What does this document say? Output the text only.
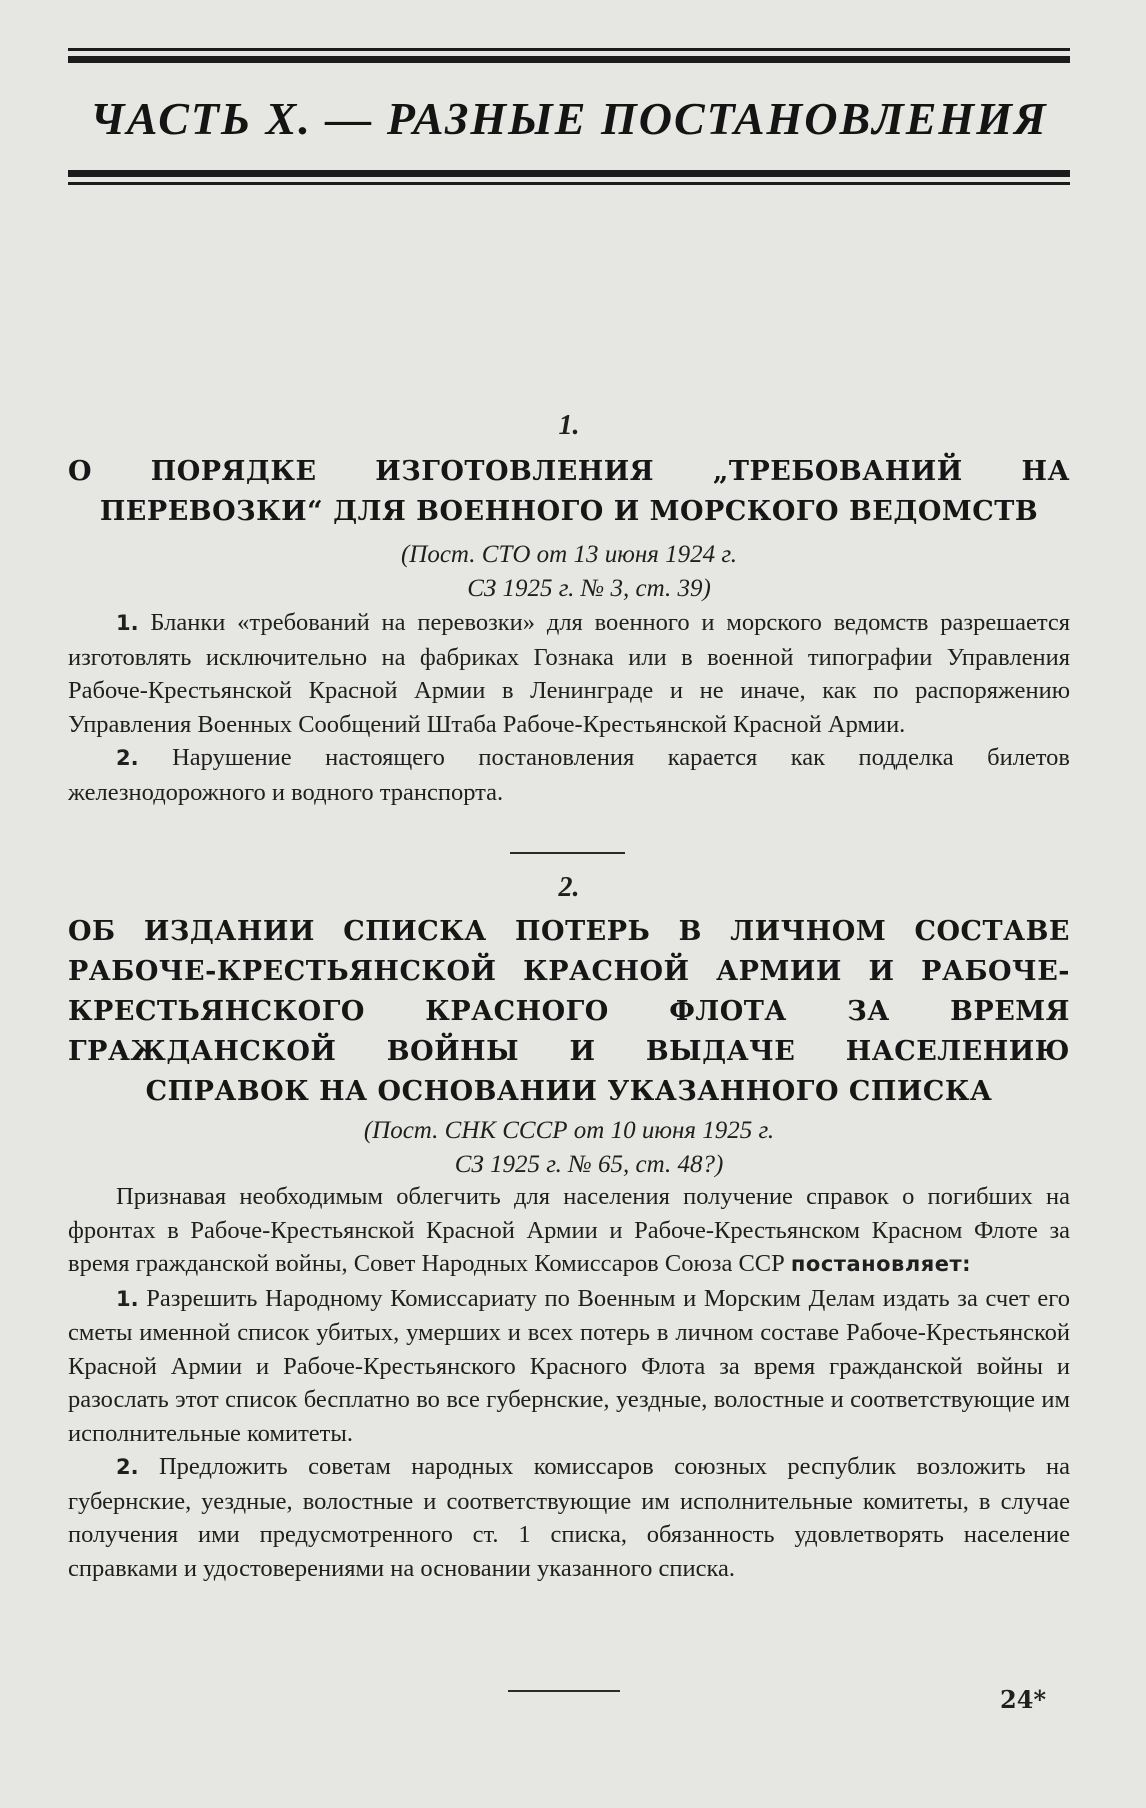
ЧАСТЬ X. — РАЗНЫЕ ПОСТАНОВЛЕНИЯ
1.
О ПОРЯДКЕ ИЗГОТОВЛЕНИЯ „ТРЕБОВАНИЙ НА ПЕРЕВОЗКИ“ ДЛЯ ВОЕННОГО И МОРСКОГО ВЕДОМСТВ
(Пост. СТО от 13 июня 1924 г.
СЗ 1925 г. № 3, ст. 39)

1. Бланки «требований на перевозки» для военного и морского ведомств разрешается изготовлять исключительно на фабриках Гознака или в военной типографии Управления Рабоче-Крестьянской Красной Армии в Ленинграде и не иначе, как по распоряжению Управления Военных Сообщений Штаба Рабоче-Крестьянской Красной Армии.

2. Нарушение настоящего постановления карается как подделка билетов железнодорожного и водного транспорта.

2.
ОБ ИЗДАНИИ СПИСКА ПОТЕРЬ В ЛИЧНОМ СОСТАВЕ РАБОЧЕ-КРЕСТЬЯНСКОЙ КРАСНОЙ АРМИИ И РАБОЧЕ-КРЕСТЬЯНСКОГО КРАСНОГО ФЛОТА ЗА ВРЕМЯ ГРАЖДАНСКОЙ ВОЙНЫ И ВЫДАЧЕ НАСЕЛЕНИЮ СПРАВОК НА ОСНОВАНИИ УКАЗАННОГО СПИСКА
(Пост. СНК СССР от 10 июня 1925 г.
СЗ 1925 г. № 65, ст. 48?)

Признавая необходимым облегчить для населения получение справок о погибших на фронтах в Рабоче-Крестьянской Красной Армии и Рабоче-Крестьянском Красном Флоте за время гражданской войны, Совет Народных Комиссаров Союза ССР постановляет:

1. Разрешить Народному Комиссариату по Военным и Морским Делам издать за счет его сметы именной список убитых, умерших и всех потерь в личном составе Рабоче-Крестьянской Красной Армии и Рабоче-Крестьянского Красного Флота за время гражданской войны и разослать этот список бесплатно во все губернские, уездные, волостные и соответствующие им исполнительные комитеты.

2. Предложить советам народных комиссаров союзных республик возложить на губернские, уездные, волостные и соответствующие им исполнительные комитеты, в случае получения ими предусмотренного ст. 1 списка, обязанность удовлетворять население справками и удостоверениями на основании указанного списка.

24*
